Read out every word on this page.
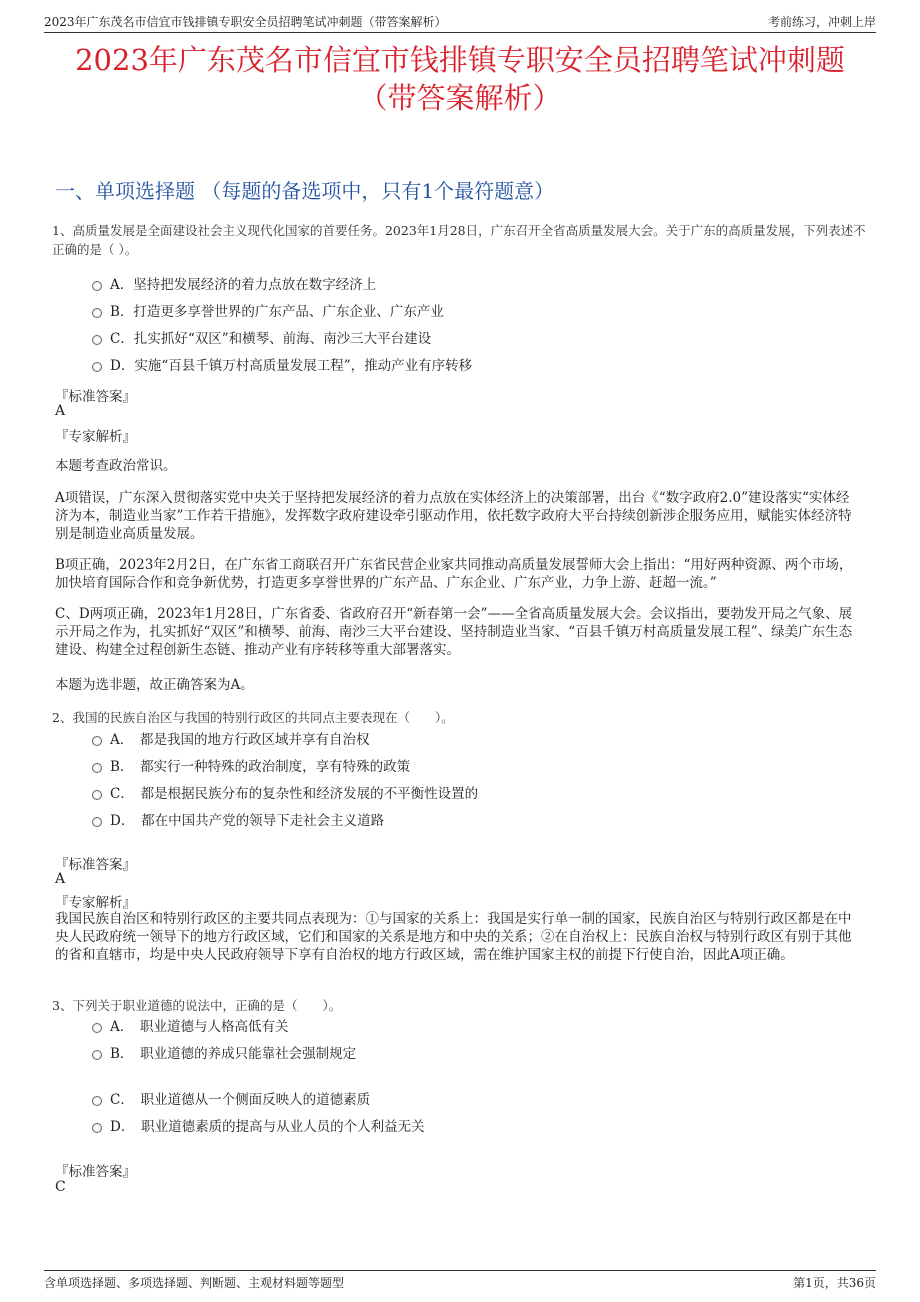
2023年广东茂名市信宜市钱排镇专职安全员招聘笔试冲刺题（带答案解析）	考前练习，冲刺上岸
2023年广东茂名市信宜市钱排镇专职安全员招聘笔试冲刺题
（带答案解析）
一、单项选择题 （每题的备选项中，只有1个最符题意）
1、高质量发展是全面建设社会主义现代化国家的首要任务。2023年1月28日，广东召开全省高质量发展大会。关于广东的高质量发展，下列表述不正确的是（ ）。
A．坚持把发展经济的着力点放在数字经济上
B．打造更多享誉世界的广东产品、广东企业、广东产业
C．扎实抓好“双区”和横琴、前海、南沙三大平台建设
D．实施“百县千镇万村高质量发展工程”，推动产业有序转移
『标准答案』
A
『专家解析』
本题考查政治常识。
A项错误，广东深入贯彻落实党中央关于坚持把发展经济的着力点放在实体经济上的决策部署，出台《“数字政府2.0”建设落实“实体经济为本，制造业当家”工作若干措施》，发挥数字政府建设牵引驱动作用，依托数字政府大平台持续创新涉企服务应用，赋能实体经济特别是制造业高质量发展。
B项正确，2023年2月2日，在广东省工商联召开广东省民营企业家共同推动高质量发展誓师大会上指出：“用好两种资源、两个市场，加快培育国际合作和竞争新优势，打造更多享誉世界的广东产品、广东企业、广东产业，力争上游、赶超一流。”
C、D两项正确，2023年1月28日，广东省委、省政府召开“新春第一会”——全省高质量发展大会。会议指出，要勃发开局之气象、展示开局之作为，扎实抓好“双区”和横琴、前海、南沙三大平台建设、坚持制造业当家、“百县千镇万村高质量发展工程”、绿美广东生态建设、构建全过程创新生态链、推动产业有序转移等重大部署落实。
本题为选非题，故正确答案为A。
2、我国的民族自治区与我国的特别行政区的共同点主要表现在（　　）。
A．　都是我国的地方行政区域并享有自治权
B．　都实行一种特殊的政治制度，享有特殊的政策
C．　都是根据民族分布的复杂性和经济发展的不平衡性设置的
D．　都在中国共产党的领导下走社会主义道路
『标准答案』
A
『专家解析』
我国民族自治区和特别行政区的主要共同点表现为：①与国家的关系上：我国是实行单一制的国家，民族自治区与特别行政区都是在中央人民政府统一领导下的地方行政区域，它们和国家的关系是地方和中央的关系；②在自治权上：民族自治权与特别行政区有别于其他的省和直辖市，均是中央人民政府领导下享有自治权的地方行政区域，需在维护国家主权的前提下行使自治，因此A项正确。
3、下列关于职业道德的说法中，正确的是（　　）。
A．　职业道德与人格高低有关
B．　职业道德的养成只能靠社会强制规定
C．　职业道德从一个侧面反映人的道德素质
D．　职业道德素质的提高与从业人员的个人利益无关
『标准答案』
C
含单项选择题、多项选择题、判断题、主观材料题等题型	第1页，共36页
